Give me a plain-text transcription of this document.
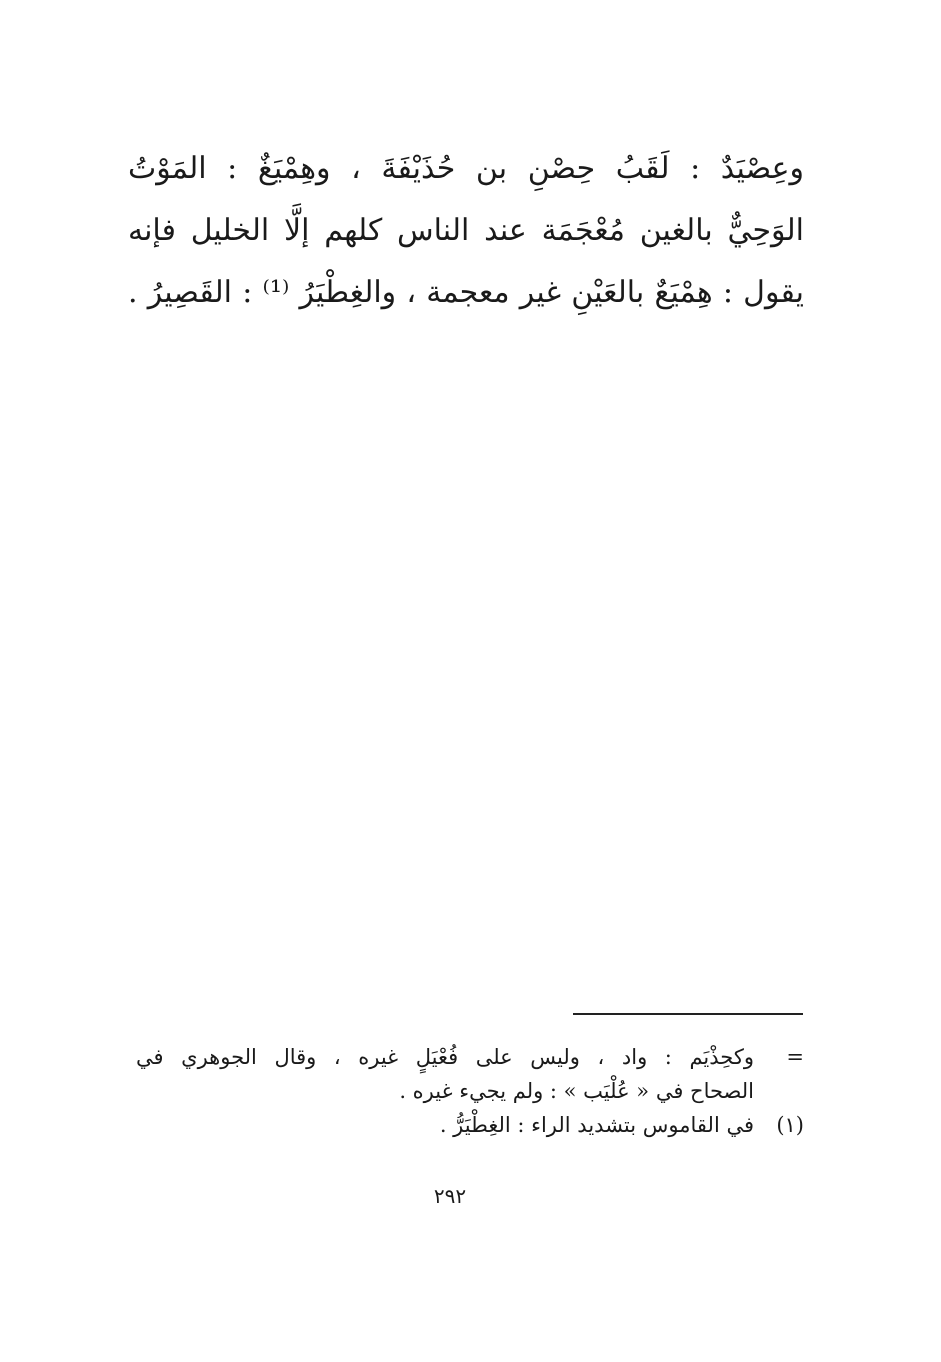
وعِصْيَدٌ : لَقَبُ حِصْنِ بن حُذَيْفَةَ ، وهِمْيَغٌ : المَوْتُ
الوَحِيٌّ بالغين مُعْجَمَة عند الناس كلهم إلَّا الخليل فإنه
يقول : هِمْيَعٌ بالعَيْنِ غير معجمة ، والغِطْيَرُ ⁽¹⁾ : القَصِيرُ .
=
وكحِذْيَم : واد ، وليس على فُعْيَلٍ غيره ، وقال الجوهري في
الصحاح في « عُلْيَب » : ولم يجيء غيره .
(١)
في القاموس بتشديد الراء : الغِطْيَرُّ .
٢٩٢
